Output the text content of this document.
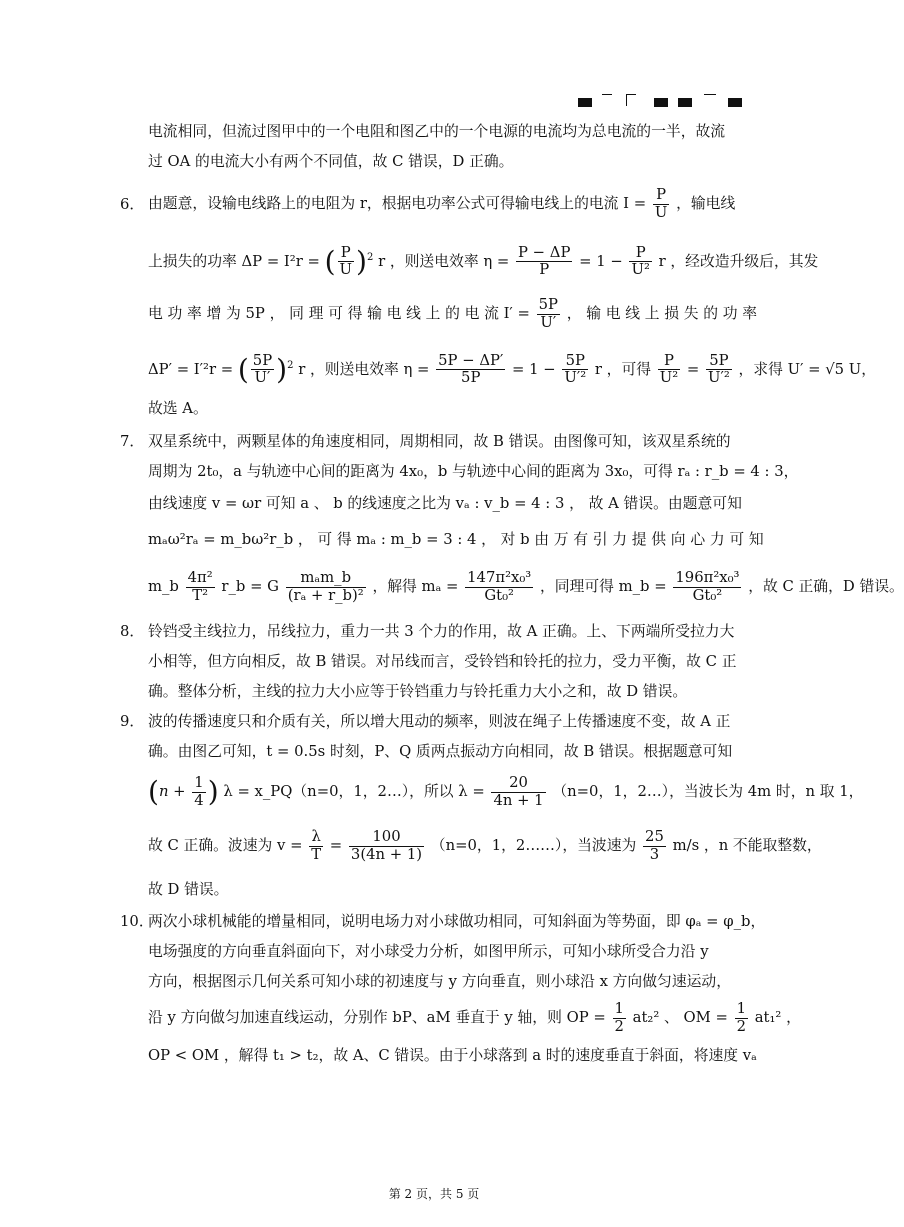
电流相同，但流过图甲中的一个电阻和图乙中的一个电源的电流均为总电流的一半，故流
过 OA 的电流大小有两个不同值，故 C 错误，D 正确。
6． 由题意，设输电线路上的电阻为 r，根据电功率公式可得输电线上的电流 $I = \frac{P}{U}$ ，输电线
上损失的功率 ΔP = I²r = ( $\frac{P}{U} )^2$ r ，则送电效率 $\eta = \frac{P - \Delta P}{P} = 1 - \frac{P}{\text{U²}}$ r ，经改造升级后，其发
电 功 率 增 为 5P ， 同 理 可 得 输 电 线 上 的 电 流 $I' = \frac{5P}{U'}$ ， 输 电 线 上 损 失 的 功 率
ΔP′ = I′²r = ( $\frac{5P}{U'} )^2$ r ，则送电效率 $\eta = \frac{5P - \Delta P'}{5P} = 1 - \frac{5P}{\text{U′²}}$ r ，可得 $\frac{P}{\text{U²}} = \frac{5P}{\text{U′²}}$ ，求得 U′ = √5 U，
故选 A。
7． 双星系统中，两颗星体的角速度相同，周期相同，故 B 错误。由图像可知，该双星系统的
周期为 2t₀，a 与轨迹中心间的距离为 4x₀，b 与轨迹中心间的距离为 3x₀，可得 rₐ : r_b = 4 : 3，
由线速度 v = ωr 可知 a 、 b 的线速度之比为 vₐ : v_b = 4 : 3 ， 故 A 错误。由题意可知
mₐω²rₐ = m_bω²r_b ， 可 得 mₐ : m_b = 3 : 4 ， 对 b 由 万 有 引 力 提 供 向 心 力 可 知
m_b $\frac{\text{4π²}}{\text{T²}}$ r_b = G $\frac{\text{mₐm\_b}}{\text{(rₐ + r\_b)²}}$ ，解得 $m_a = \frac{\text{147π²x₀³}}{\text{Gt₀²}}$ ，同理可得 m_b = $\frac{\text{196π²x₀³}}{\text{Gt₀²}}$ ，故 C 正确，D 错误。
8． 铃铛受主线拉力，吊线拉力，重力一共 3 个力的作用，故 A 正确。上、下两端所受拉力大
小相等，但方向相反，故 B 错误。对吊线而言，受铃铛和铃托的拉力，受力平衡，故 C 正
确。整体分析，主线的拉力大小应等于铃铛重力与铃托重力大小之和，故 D 错误。
9． 波的传播速度只和介质有关，所以增大甩动的频率，则波在绳子上传播速度不变，故 A 正
确。由图乙可知，t = 0.5s 时刻，P、Q 质两点振动方向相同，故 B 错误。根据题意可知
($n + \frac{1}{4}$ ) λ = x_PQ（n=0，1，2…），所以 $\lambda = \frac{20}{4n + 1} (n=0$，1，2…），当波长为 4m 时，n 取 1，
故 C 正确。波速为 $v = \frac{\lambda}{T} = \frac{100}{3(4n + 1)} (n=0$，1，2……），当波速为 $\frac{25}{3} m/s$ ，n 不能取整数，
故 D 错误。
10．
两次小球机械能的增量相同，说明电场力对小球做功相同，可知斜面为等势面，即 φₐ = φ_b，
电场强度的方向垂直斜面向下，对小球受力分析，如图甲所示，可知小球所受合力沿 y
方向，根据图示几何关系可知小球的初速度与 y 方向垂直，则小球沿 x 方向做匀速运动，
沿 y 方向做匀加速直线运动，分别作 bP、aM 垂直于 y 轴，则 OP = $\frac{1}{2} at_2^2$ 、 OM = $\frac{1}{2} at_1^2$ ，
OP < OM ，解得 t₁ > t₂，故 A、C 错误。由于小球落到 a 时的速度垂直于斜面，将速度 vₐ
第 2 页，共 5 页
